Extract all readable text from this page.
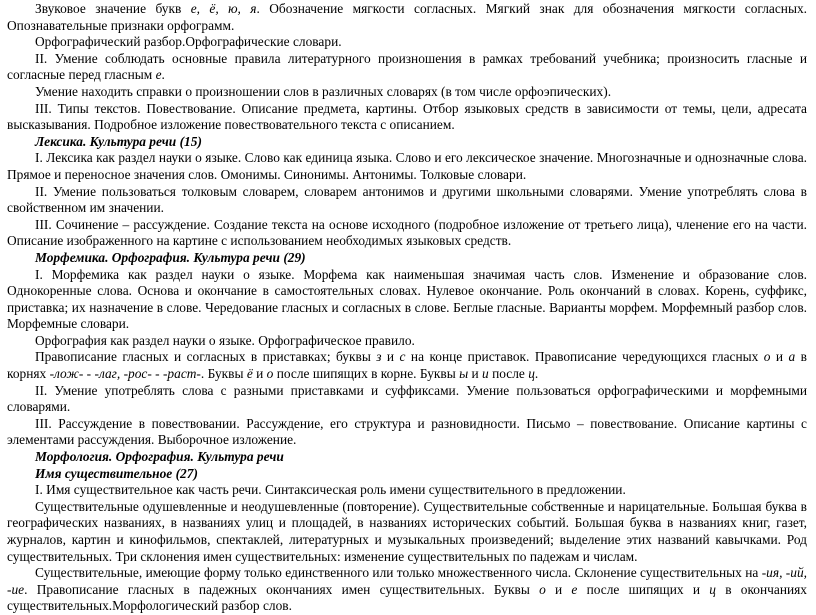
Звуковое значение букв е, ё, ю, я. Обозначение мягкости согласных. Мягкий знак для обозначения мягкости согласных. Опознавательные признаки орфограмм.

Орфографический разбор.Орфографические словари.

II. Умение соблюдать основные правила литературного произношения в рамках требований учебника; произносить гласные и согласные перед гласным е.

Умение находить справки о произношении слов в различных словарях (в том числе орфоэпических).

III. Типы текстов. Повествование. Описание предмета, картины. Отбор языковых средств в зависимости от темы, цели, адресата высказывания. Подробное изложение повествовательного текста с описанием.

Лексика. Культура речи (15)

I. Лексика как раздел науки о языке. Слово как единица языка. Слово и его лексическое значение. Многозначные и однозначные слова. Прямое и переносное значения слов. Омонимы. Синонимы. Антонимы. Толковые словари.

II. Умение пользоваться толковым словарем, словарем антонимов и другими школьными словарями. Умение употреблять слова в свойственном им значении.

III. Сочинение – рассуждение. Создание текста на основе исходного (подробное изложение от третьего лица), членение его на части. Описание изображенного на картине с использованием необходимых языковых средств.

Морфемика. Орфография. Культура речи (29)

I. Морфемика как раздел науки о языке. Морфема как наименьшая значимая часть слов. Изменение и образование слов. Однокоренные слова. Основа и окончание в самостоятельных словах. Нулевое окончание. Роль окончаний в словах. Корень, суффикс, приставка; их назначение в слове. Чередование гласных и согласных в слове. Беглые гласные. Варианты морфем. Морфемный разбор слов. Морфемные словари.

Орфография как раздел науки о языке. Орфографическое правило.

Правописание гласных и согласных в приставках; буквы з и с на конце приставок. Правописание чередующихся гласных о и а в корнях -лож- - -лаг, -рос- - -раст-. Буквы ё и о после шипящих в корне. Буквы ы и и после ц.

II. Умение употреблять слова с разными приставками и суффиксами. Умение пользоваться орфографическими и морфемными словарями.

III. Рассуждение в повествовании. Рассуждение, его структура и разновидности. Письмо – повествование. Описание картины с элементами рассуждения. Выборочное изложение.

Морфология. Орфография. Культура речи

Имя существительное (27)

I. Имя существительное как часть речи. Синтаксическая роль имени существительного в предложении.

Существительные одушевленные и неодушевленные (повторение). Существительные собственные и нарицательные. Большая буква в географических названиях, в названиях улиц и площадей, в названиях исторических событий. Большая буква в названиях книг, газет, журналов, картин и кинофильмов, спектаклей, литературных и музыкальных произведений; выделение этих названий кавычками. Род существительных. Три склонения имен существительных: изменение существительных по падежам и числам.

Существительные, имеющие форму только единственного или только множественного числа. Склонение существительных на -ия, -ий, -ие. Правописание гласных в падежных окончаниях имен существительных. Буквы о и е после шипящих и ц в окончаниях существительных.Морфологический разбор слов.
